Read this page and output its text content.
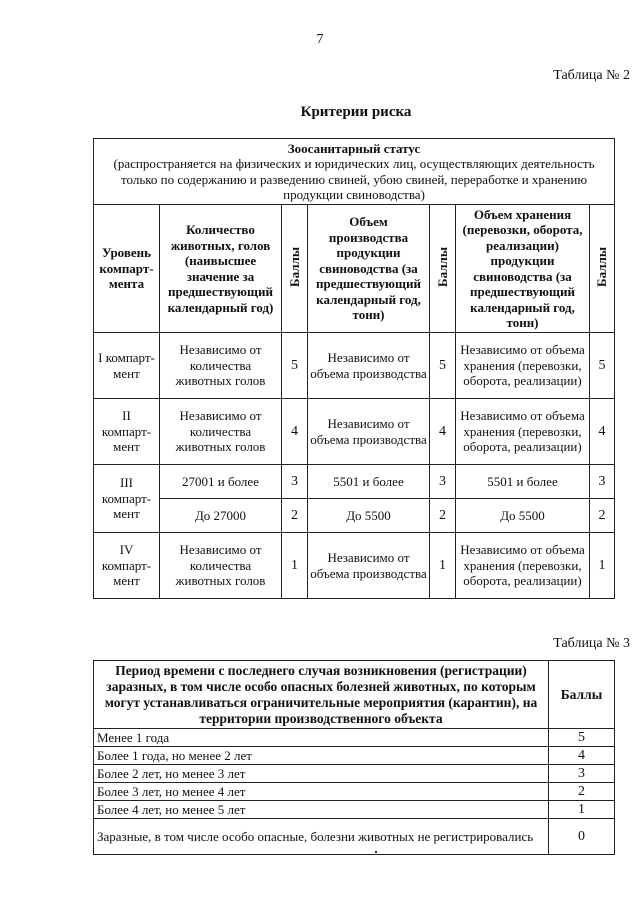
7
Таблица № 2
Критерии риска
Зоосанитарный статус
(распространяется на физических и юридических лиц, осуществляющих деятельность только по содержанию и разведению свиней, убою свиней, переработке и хранению продукции свиноводства)						
Уровень компарт-мента	Количество животных, голов (наивысшее значение за предшествующий календарный год)	Баллы	Объем производства продукции свиноводства (за предшествующий календарный год, тонн)	Баллы	Объем хранения (перевозки, оборота, реализации) продукции свиноводства (за предшествующий календарный год, тонн)	Баллы
I компарт-мент	Независимо от количества животных голов	5	Независимо от объема производства	5	Независимо от объема хранения (перевозки, оборота, реализации)	5
II компарт-мент	Независимо от количества животных голов	4	Независимо от объема производства	4	Независимо от объема хранения (перевозки, оборота, реализации)	4
III компарт-мент	27001 и более	3	5501 и более	3	5501 и более	3
	До 27000	2	До 5500	2	До 5500	2
IV компарт-мент	Независимо от количества животных голов	1	Независимо от объема производства	1	Независимо от объема хранения (перевозки, оборота, реализации)	1
Таблица № 3
Период времени с последнего случая возникновения (регистрации) заразных, в том числе особо опасных болезней животных, по которым могут устанавливаться ограничительные мероприятия (карантин), на территории производственного объекта	Баллы
Менее 1 года	5
Более 1 года, но менее 2 лет	4
Более 2 лет, но менее 3 лет	3
Более 3 лет, но менее 4 лет	2
Более 4 лет, но менее 5 лет	1
Заразные, в том числе особо опасные, болезни животных не регистрировались	0
